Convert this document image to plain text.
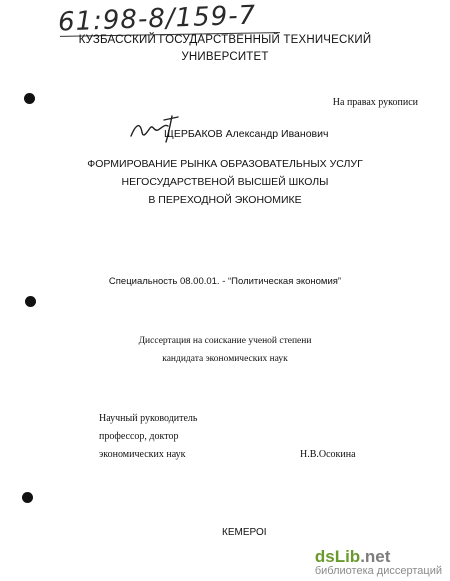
61:98-8/159-7
КУЗБАССКИЙ ГОСУДАРСТВЕННЫЙ ТЕХНИЧЕСКИЙ
УНИВЕРСИТЕТ
На правах рукописи
ЩЕРБАКОВ Александр Иванович
ФОРМИРОВАНИЕ РЫНКА ОБРАЗОВАТЕЛЬНЫХ УСЛУГ
НЕГОСУДАРСТВЕНОЙ ВЫСШЕЙ ШКОЛЫ
В ПЕРЕХОДНОЙ ЭКОНОМИКЕ
Специальность 08.00.01. - “Политическая экономия”
Диссертация на соискание ученой степени
кандидата экономических наук
Научный руководитель
профессор, доктор
экономических наук	Н.В.Осокина
КЕМЕРОІ
dsLib.net
библиотека диссертаций
